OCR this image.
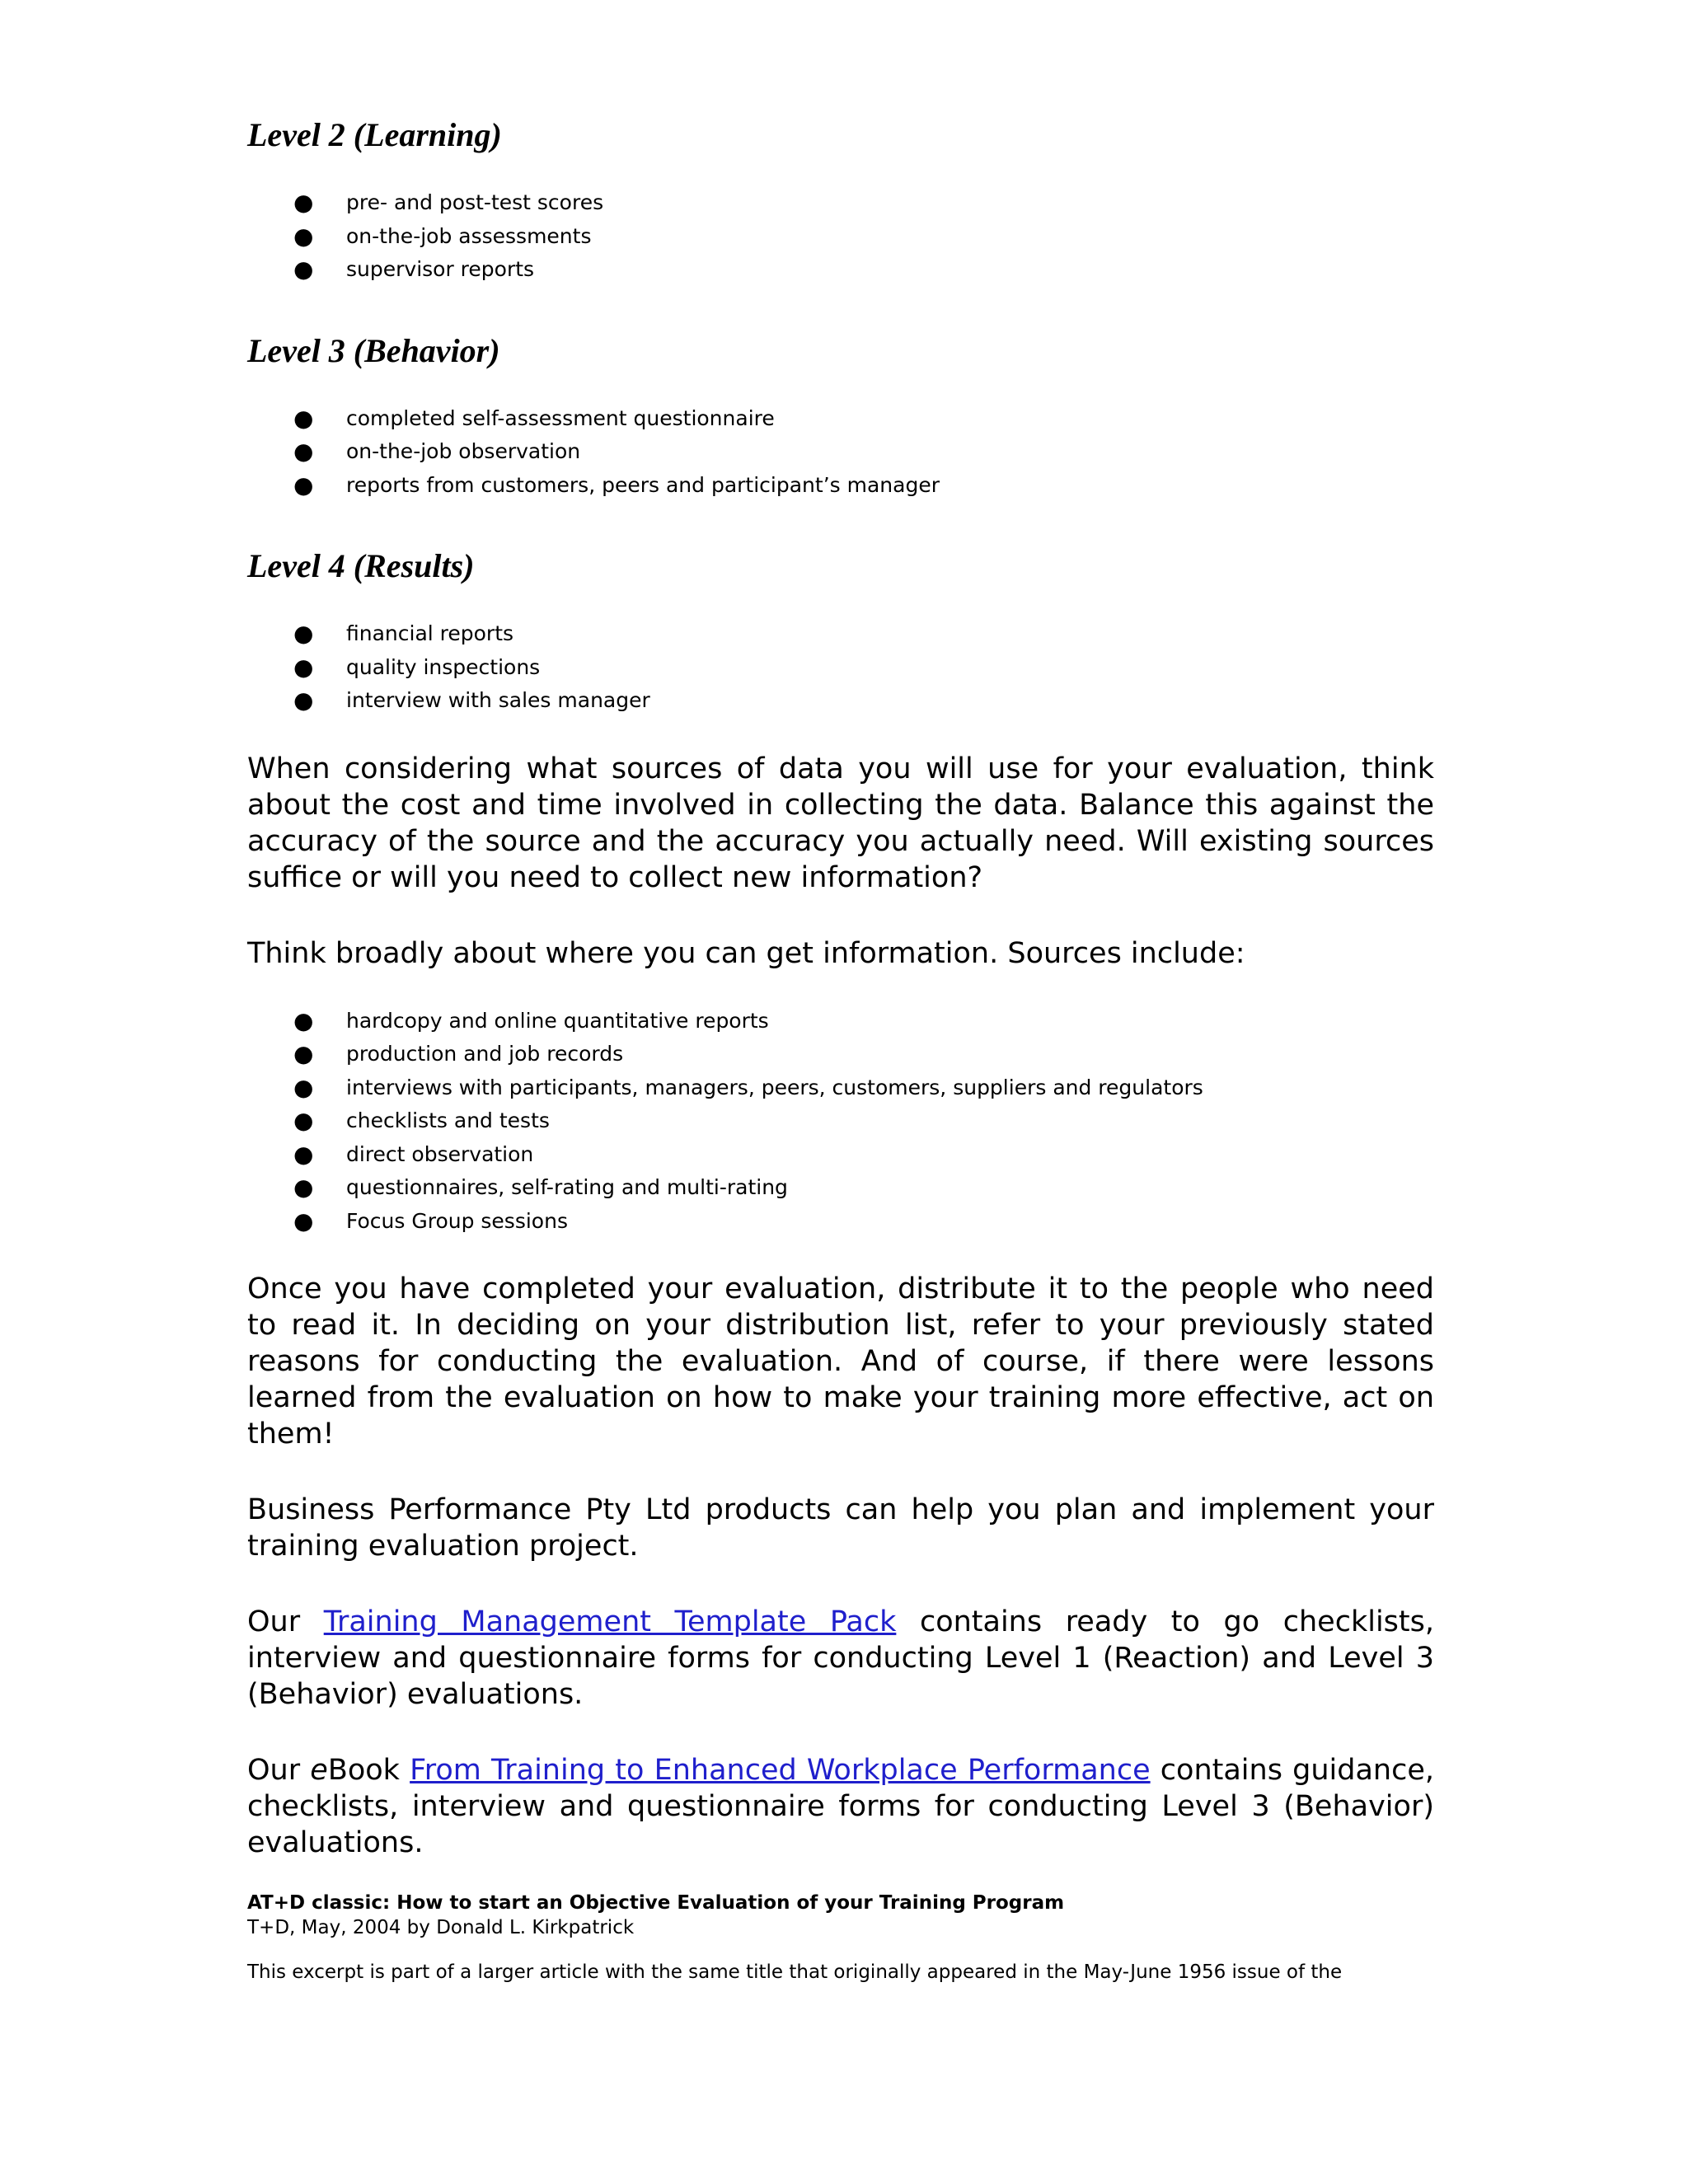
Level 2 (Learning)
● pre- and post-test scores
● on-the-job assessments
● supervisor reports
Level 3 (Behavior)
● completed self-assessment questionnaire
● on-the-job observation
● reports from customers, peers and participant’s manager
Level 4 (Results)
● financial reports
● quality inspections
● interview with sales manager

When considering what sources of data you will use for your evaluation, think about the cost and time involved in collecting the data. Balance this against the accuracy of the source and the accuracy you actually need. Will existing sources suffice or will you need to collect new information?

Think broadly about where you can get information. Sources include:

● hardcopy and online quantitative reports
● production and job records
● interviews with participants, managers, peers, customers, suppliers and regulators
● checklists and tests
● direct observation
● questionnaires, self-rating and multi-rating
● Focus Group sessions

Once you have completed your evaluation, distribute it to the people who need to read it. In deciding on your distribution list, refer to your previously stated reasons for conducting the evaluation. And of course, if there were lessons learned from the evaluation on how to make your training more effective, act on them!

Business Performance Pty Ltd products can help you plan and implement your training evaluation project.

Our Training Management Template Pack contains ready to go checklists, interview and questionnaire forms for conducting Level 1 (Reaction) and Level 3 (Behavior) evaluations.

Our eBook From Training to Enhanced Workplace Performance contains guidance, checklists, interview and questionnaire forms for conducting Level 3 (Behavior) evaluations.

AT+D classic: How to start an Objective Evaluation of your Training Program
T+D, May, 2004 by Donald L. Kirkpatrick
This excerpt is part of a larger article with the same title that originally appeared in the May-June 1956 issue of the
